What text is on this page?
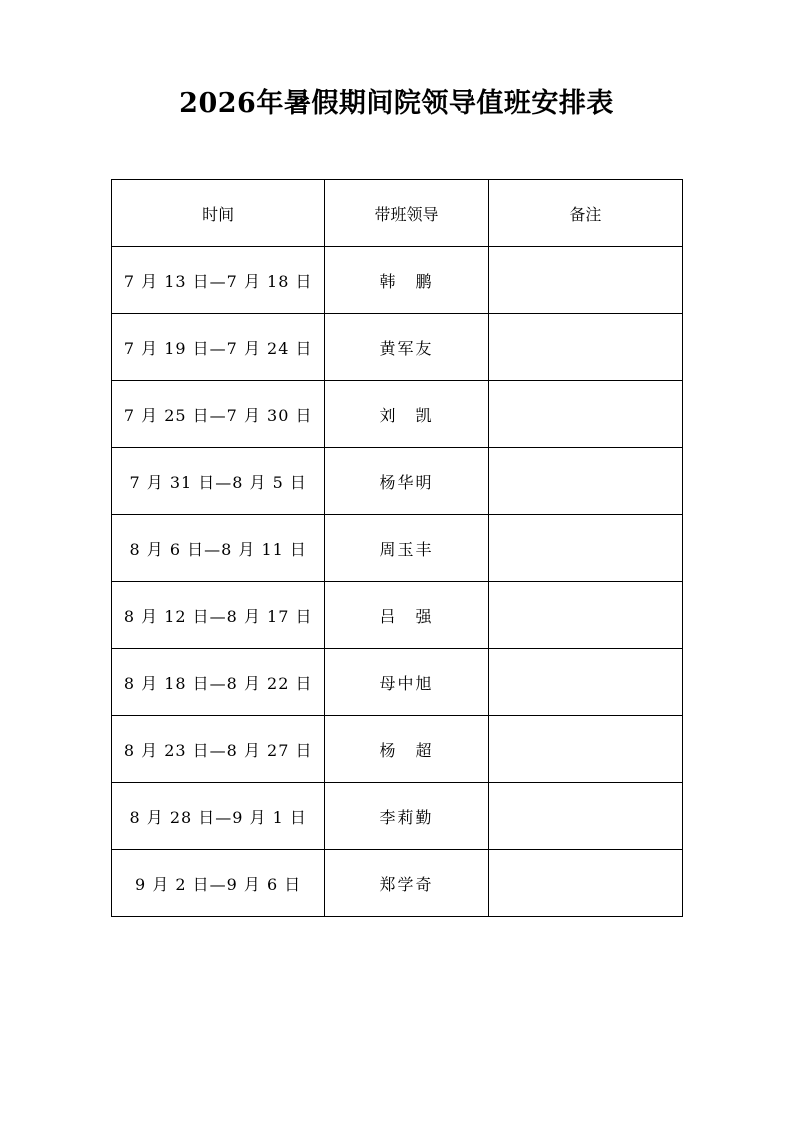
2026年暑假期间院领导值班安排表
时间	带班领导	备注
7 月 13 日—7 月 18 日	韩　鹏	
7 月 19 日—7 月 24 日	黄军友	
7 月 25 日—7 月 30 日	刘　凯	
7 月 31 日—8 月 5 日	杨华明	
8 月 6 日—8 月 11 日	周玉丰	
8 月 12 日—8 月 17 日	吕　强	
8 月 18 日—8 月 22 日	母中旭	
8 月 23 日—8 月 27 日	杨　超	
8 月 28 日—9 月 1 日	李莉勤	
9 月 2 日—9 月 6 日	郑学奇	
